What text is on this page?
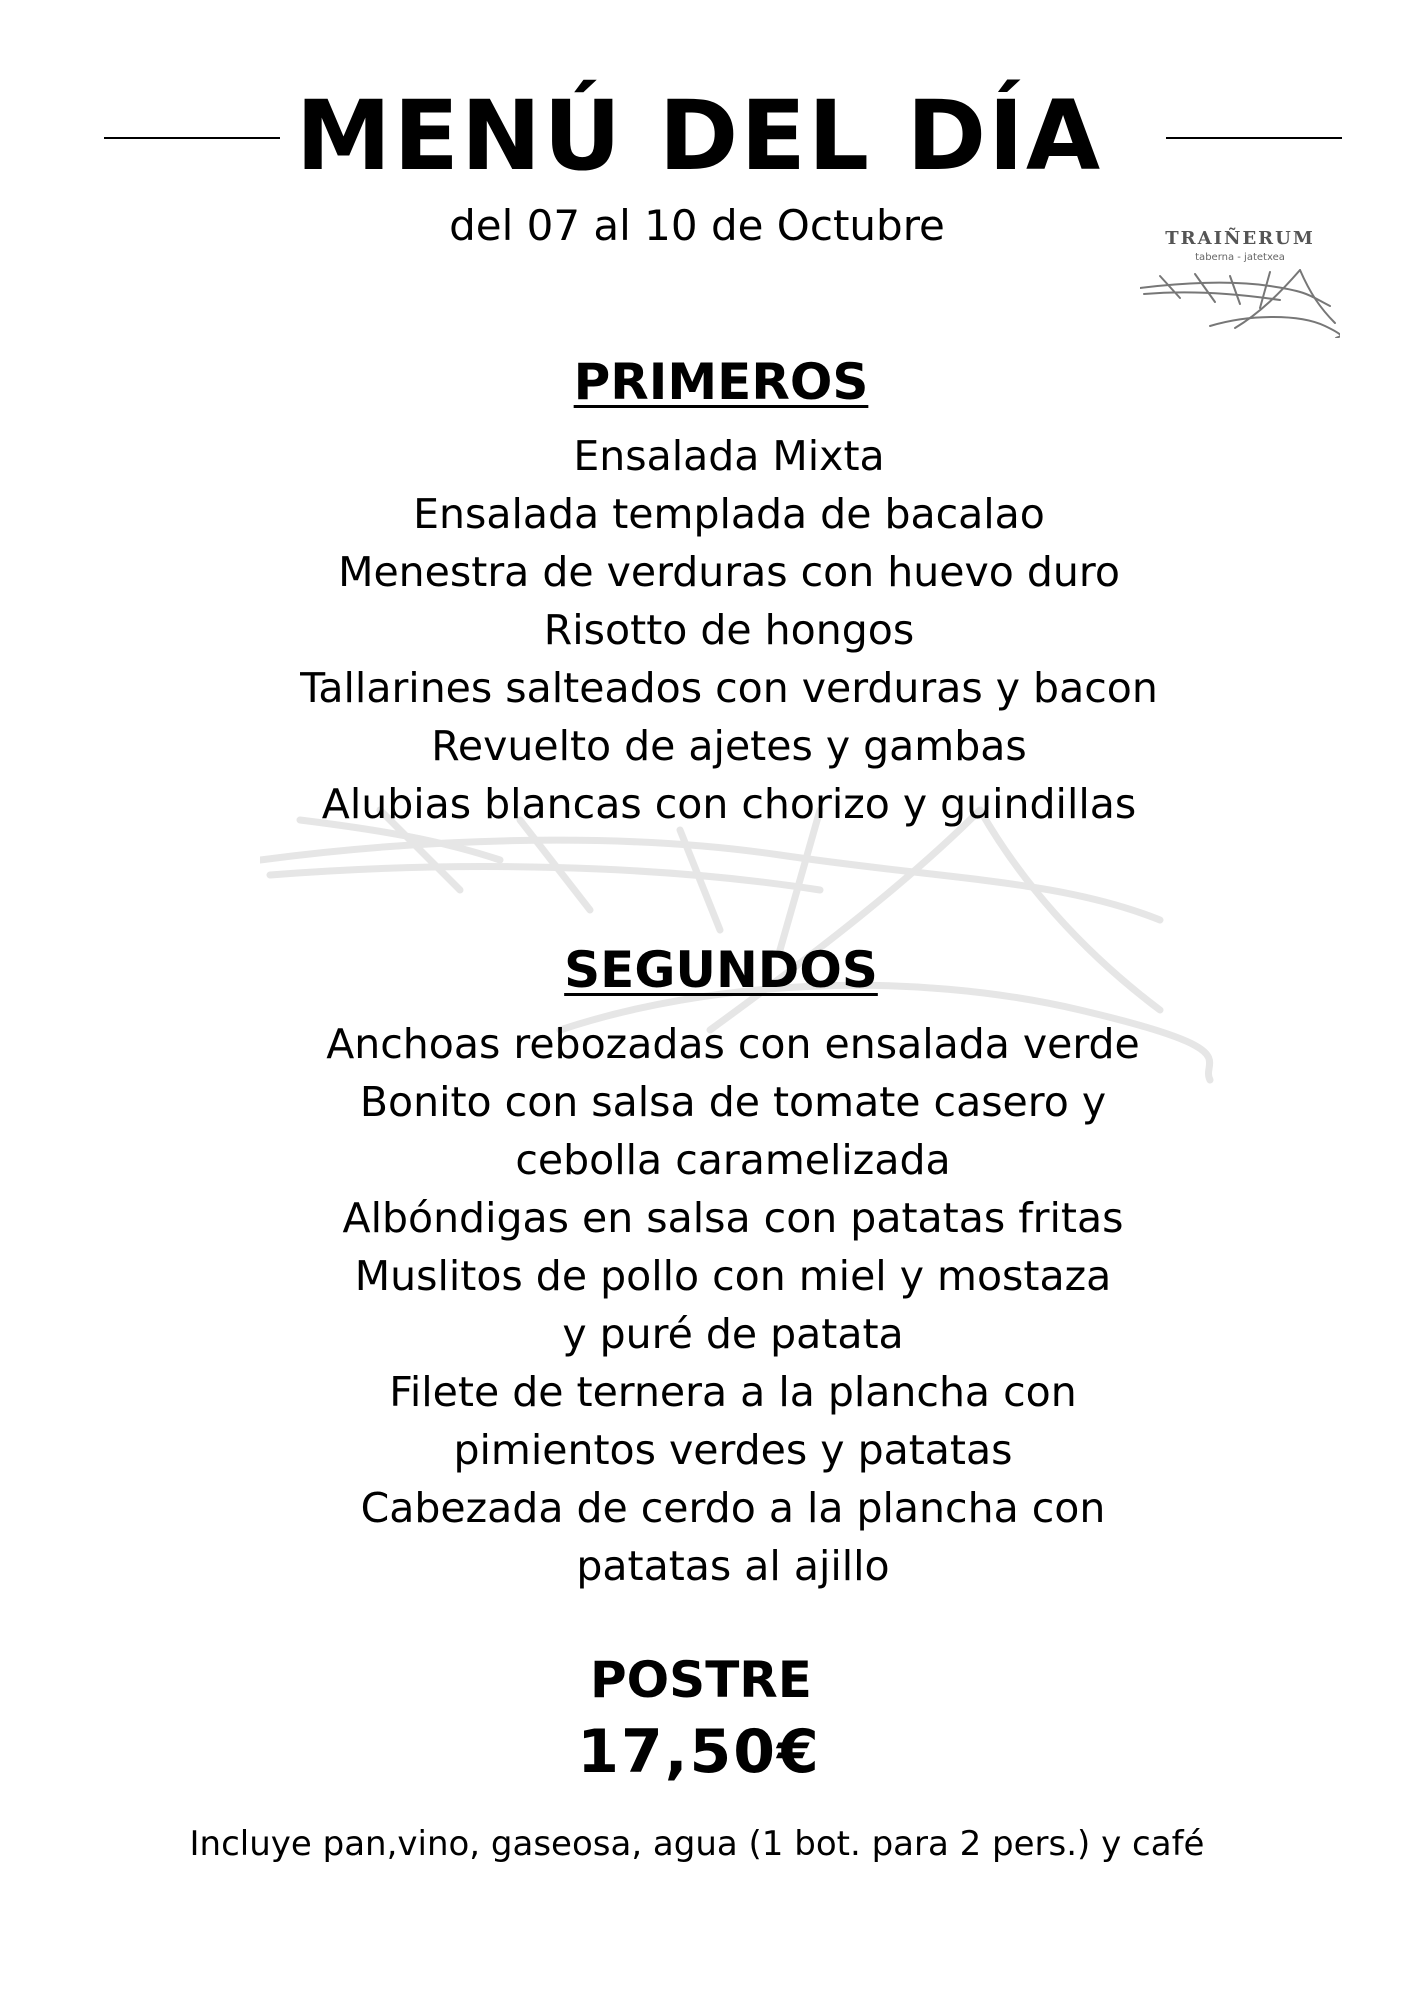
MENÚ DEL DÍA
del 07 al 10 de Octubre	TRAIÑERUM
taberna - jatetxea
PRIMEROS
Ensalada Mixta
Ensalada templada de bacalao
Menestra de verduras con huevo duro
Risotto de hongos
Tallarines salteados con verduras y bacon
Revuelto de ajetes y gambas
Alubias blancas con chorizo y guindillas
SEGUNDOS
Anchoas rebozadas con ensalada verde
Bonito con salsa de tomate casero y
cebolla caramelizada
Albóndigas en salsa con patatas fritas
Muslitos de pollo con miel y mostaza
y puré de patata
Filete de ternera a la plancha con
pimientos verdes y patatas
Cabezada de cerdo a la plancha con
patatas al ajillo
POSTRE
17,50€
Incluye pan,vino, gaseosa, agua (1 bot. para 2 pers.) y café
